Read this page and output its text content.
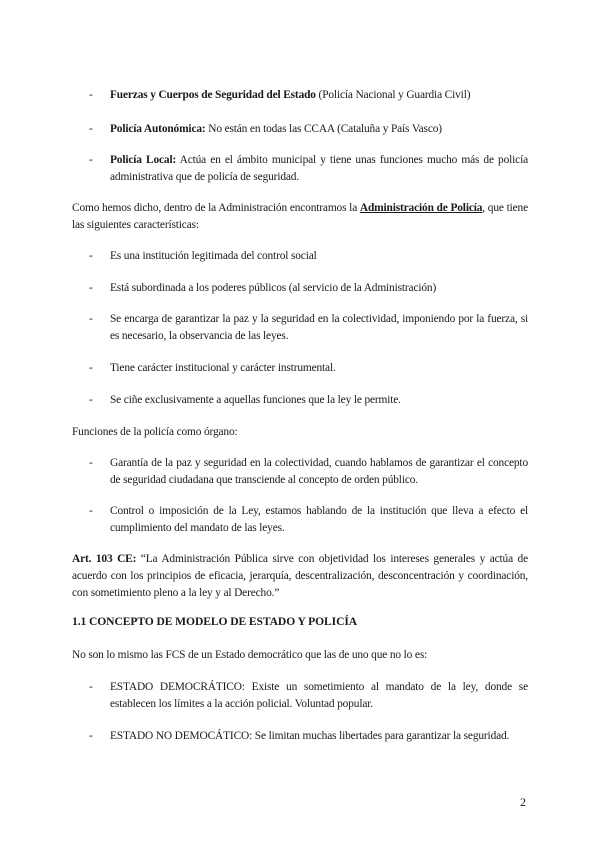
- Fuerzas y Cuerpos de Seguridad del Estado (Policía Nacional y Guardia Civil)
- Policía Autonómica: No están en todas las CCAA (Cataluña y País Vasco)
- Policía Local: Actúa en el ámbito municipal y tiene unas funciones mucho más de policía administrativa que de policía de seguridad.

Como hemos dicho, dentro de la Administración encontramos la Administración de Policía, que tiene las siguientes características:

- Es una institución legitimada del control social
- Está subordinada a los poderes públicos (al servicio de la Administración)
- Se encarga de garantizar la paz y la seguridad en la colectividad, imponiendo por la fuerza, si es necesario, la observancia de las leyes.
- Tiene carácter institucional y carácter instrumental.
- Se ciñe exclusivamente a aquellas funciones que la ley le permite.

Funciones de la policía como órgano:

- Garantía de la paz y seguridad en la colectividad, cuando hablamos de garantizar el concepto de seguridad ciudadana que transciende al concepto de orden público.
- Control o imposición de la Ley, estamos hablando de la institución que lleva a efecto el cumplimiento del mandato de las leyes.

Art. 103 CE: “La Administración Pública sirve con objetividad los intereses generales y actúa de acuerdo con los principios de eficacia, jerarquía, descentralización, desconcentración y coordinación, con sometimiento pleno a la ley y al Derecho.”

1.1 CONCEPTO DE MODELO DE ESTADO Y POLICÍA

No son lo mismo las FCS de un Estado democrático que las de uno que no lo es:

- ESTADO DEMOCRÁTICO: Existe un sometimiento al mandato de la ley, donde se establecen los límites a la acción policial. Voluntad popular.
- ESTADO NO DEMOCÁTICO: Se limitan muchas libertades para garantizar la seguridad.
2
